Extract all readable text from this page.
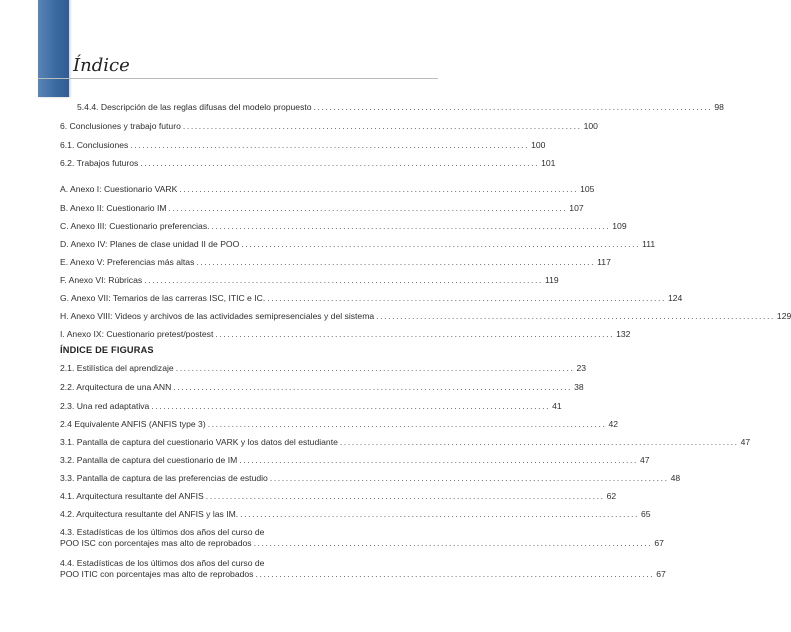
Índice
5.4.4. Descripción de las reglas difusas del modelo propuesto .................................................................................................... 98
6. Conclusiones y trabajo futuro .................................................................................................... 100
6.1. Conclusiones .................................................................................................... 100
6.2. Trabajos futuros .................................................................................................... 101
A. Anexo I: Cuestionario VARK .................................................................................................... 105
B. Anexo II: Cuestionario IM .................................................................................................... 107
C. Anexo III: Cuestionario preferencias. .................................................................................................... 109
D. Anexo IV: Planes de clase unidad II de POO .................................................................................................... 111
E. Anexo V: Preferencias más altas .................................................................................................... 117
F. Anexo VI: Rúbricas .................................................................................................... 119
G. Anexo VII: Temarios de las carreras ISC, ITIC e IC. .................................................................................................... 124
H. Anexo VIII: Videos y archivos de las actividades semipresenciales y del sistema .................................................................................................... 129
I. Anexo IX: Cuestionario pretest/postest .................................................................................................... 132
ÍNDICE DE FIGURAS
2.1. Estilística del aprendizaje .................................................................................................... 23
2.2. Arquitectura de una ANN .................................................................................................... 38
2.3. Una red adaptativa .................................................................................................... 41
2.4 Equivalente ANFIS (ANFIS type 3) .................................................................................................... 42
3.1. Pantalla de captura del cuestionario VARK y los datos del estudiante .................................................................................................... 47
3.2. Pantalla de captura del cuestionario de IM .................................................................................................... 47
3.3. Pantalla de captura de las preferencias de estudio .................................................................................................... 48
4.1. Arquitectura resultante del ANFIS .................................................................................................... 62
4.2. Arquitectura resultante del ANFIS y las IM. .................................................................................................... 65
4.3. Estadísticas de los últimos dos años del curso de
POO ISC con porcentajes mas alto de reprobados .................................................................................................... 67
4.4. Estadísticas de los últimos dos años del curso de
POO ITIC con porcentajes mas alto de reprobados .................................................................................................... 67
